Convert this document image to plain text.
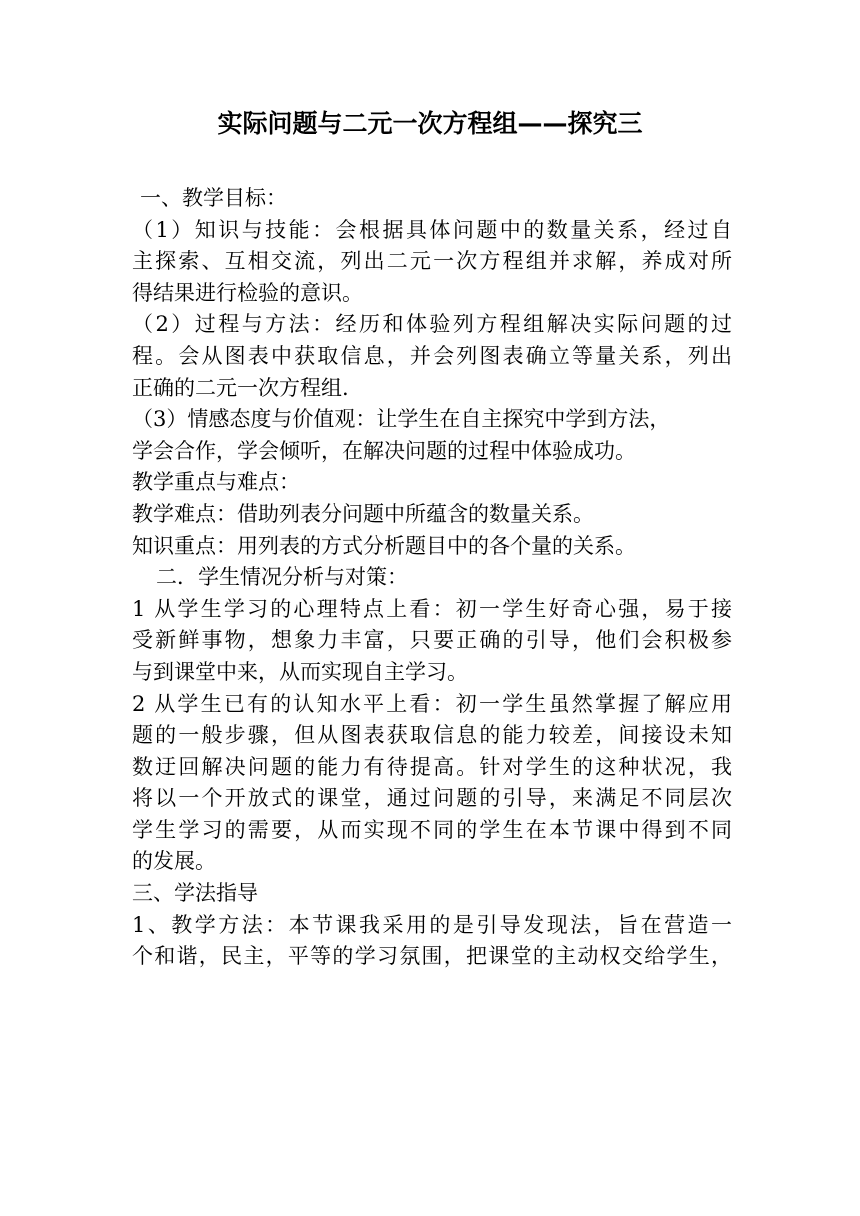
实际问题与二元一次方程组——探究三
一、教学目标：
（1）知识与技能：会根据具体问题中的数量关系，经过自
主探索、互相交流，列出二元一次方程组并求解，养成对所
得结果进行检验的意识。
（2）过程与方法：经历和体验列方程组解决实际问题的过
程。会从图表中获取信息，并会列图表确立等量关系，列出
正确的二元一次方程组.
（3）情感态度与价值观：让学生在自主探究中学到方法，
学会合作，学会倾听，在解决问题的过程中体验成功。
教学重点与难点：
教学难点：借助列表分问题中所蕴含的数量关系。
知识重点：用列表的方式分析题目中的各个量的关系。
二．学生情况分析与对策：
1 从学生学习的心理特点上看：初一学生好奇心强，易于接
受新鲜事物，想象力丰富，只要正确的引导，他们会积极参
与到课堂中来，从而实现自主学习。
2 从学生已有的认知水平上看：初一学生虽然掌握了解应用
题的一般步骤，但从图表获取信息的能力较差，间接设未知
数迂回解决问题的能力有待提高。针对学生的这种状况，我
将以一个开放式的课堂，通过问题的引导，来满足不同层次
学生学习的需要，从而实现不同的学生在本节课中得到不同
的发展。
三、学法指导
1、教学方法：本节课我采用的是引导发现法，旨在营造一
个和谐，民主，平等的学习氛围，把课堂的主动权交给学生，
